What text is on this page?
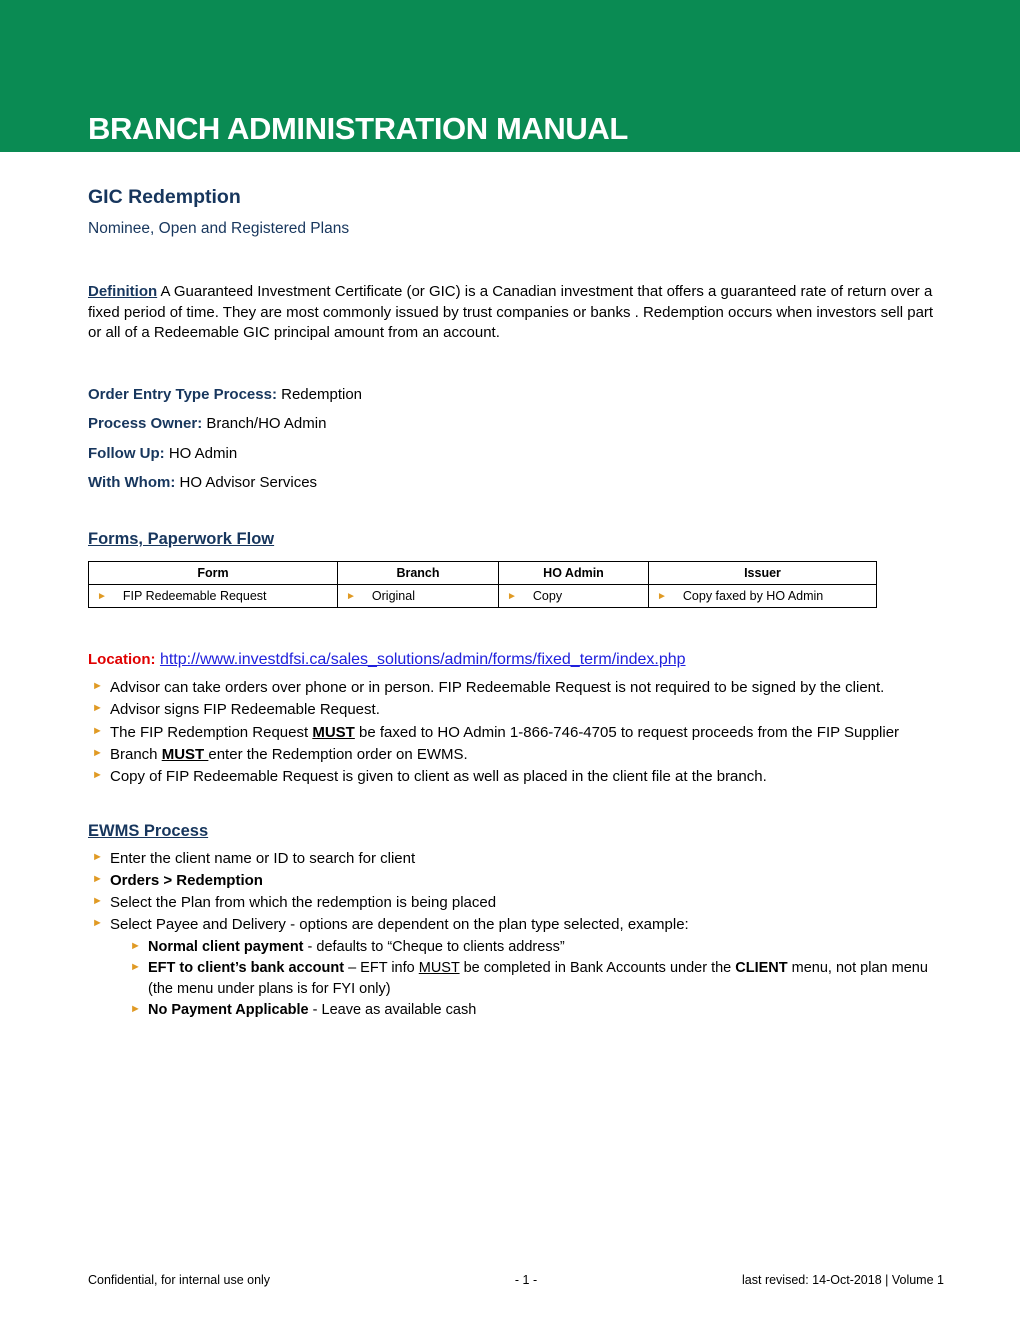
BRANCH ADMINISTRATION MANUAL
GIC Redemption
Nominee, Open and Registered Plans
Definition A Guaranteed Investment Certificate (or GIC) is a Canadian investment that offers a guaranteed rate of return over a fixed period of time. They are most commonly issued by trust companies or banks . Redemption occurs when investors sell part or all of a Redeemable GIC principal amount from an account.
Order Entry Type Process: Redemption
Process Owner: Branch/HO Admin
Follow Up: HO Admin
With Whom: HO Advisor Services
Forms, Paperwork Flow
Form	Branch	HO Admin	Issuer

► FIP Redeemable Request	► Original	► Copy	► Copy faxed by HO Admin
Location: http://www.investdfsi.ca/sales_solutions/admin/forms/fixed_term/index.php
► Advisor can take orders over phone or in person. FIP Redeemable Request is not required to be signed by the client.
► Advisor signs FIP Redeemable Request.
► The FIP Redemption Request MUST be faxed to HO Admin 1-866-746-4705 to request proceeds from the FIP Supplier
► Branch MUST enter the Redemption order on EWMS.
► Copy of FIP Redeemable Request is given to client as well as placed in the client file at the branch.
EWMS Process
► Enter the client name or ID to search for client
► Orders > Redemption
► Select the Plan from which the redemption is being placed
► Select Payee and Delivery - options are dependent on the plan type selected, example:
► Normal client payment - defaults to “Cheque to clients address”
► EFT to client’s bank account – EFT info MUST be completed in Bank Accounts under the CLIENT menu, not plan menu (the menu under plans is for FYI only)
► No Payment Applicable - Leave as available cash
Confidential, for internal use only	- 1 -	last revised: 14-Oct-2018 | Volume 1
